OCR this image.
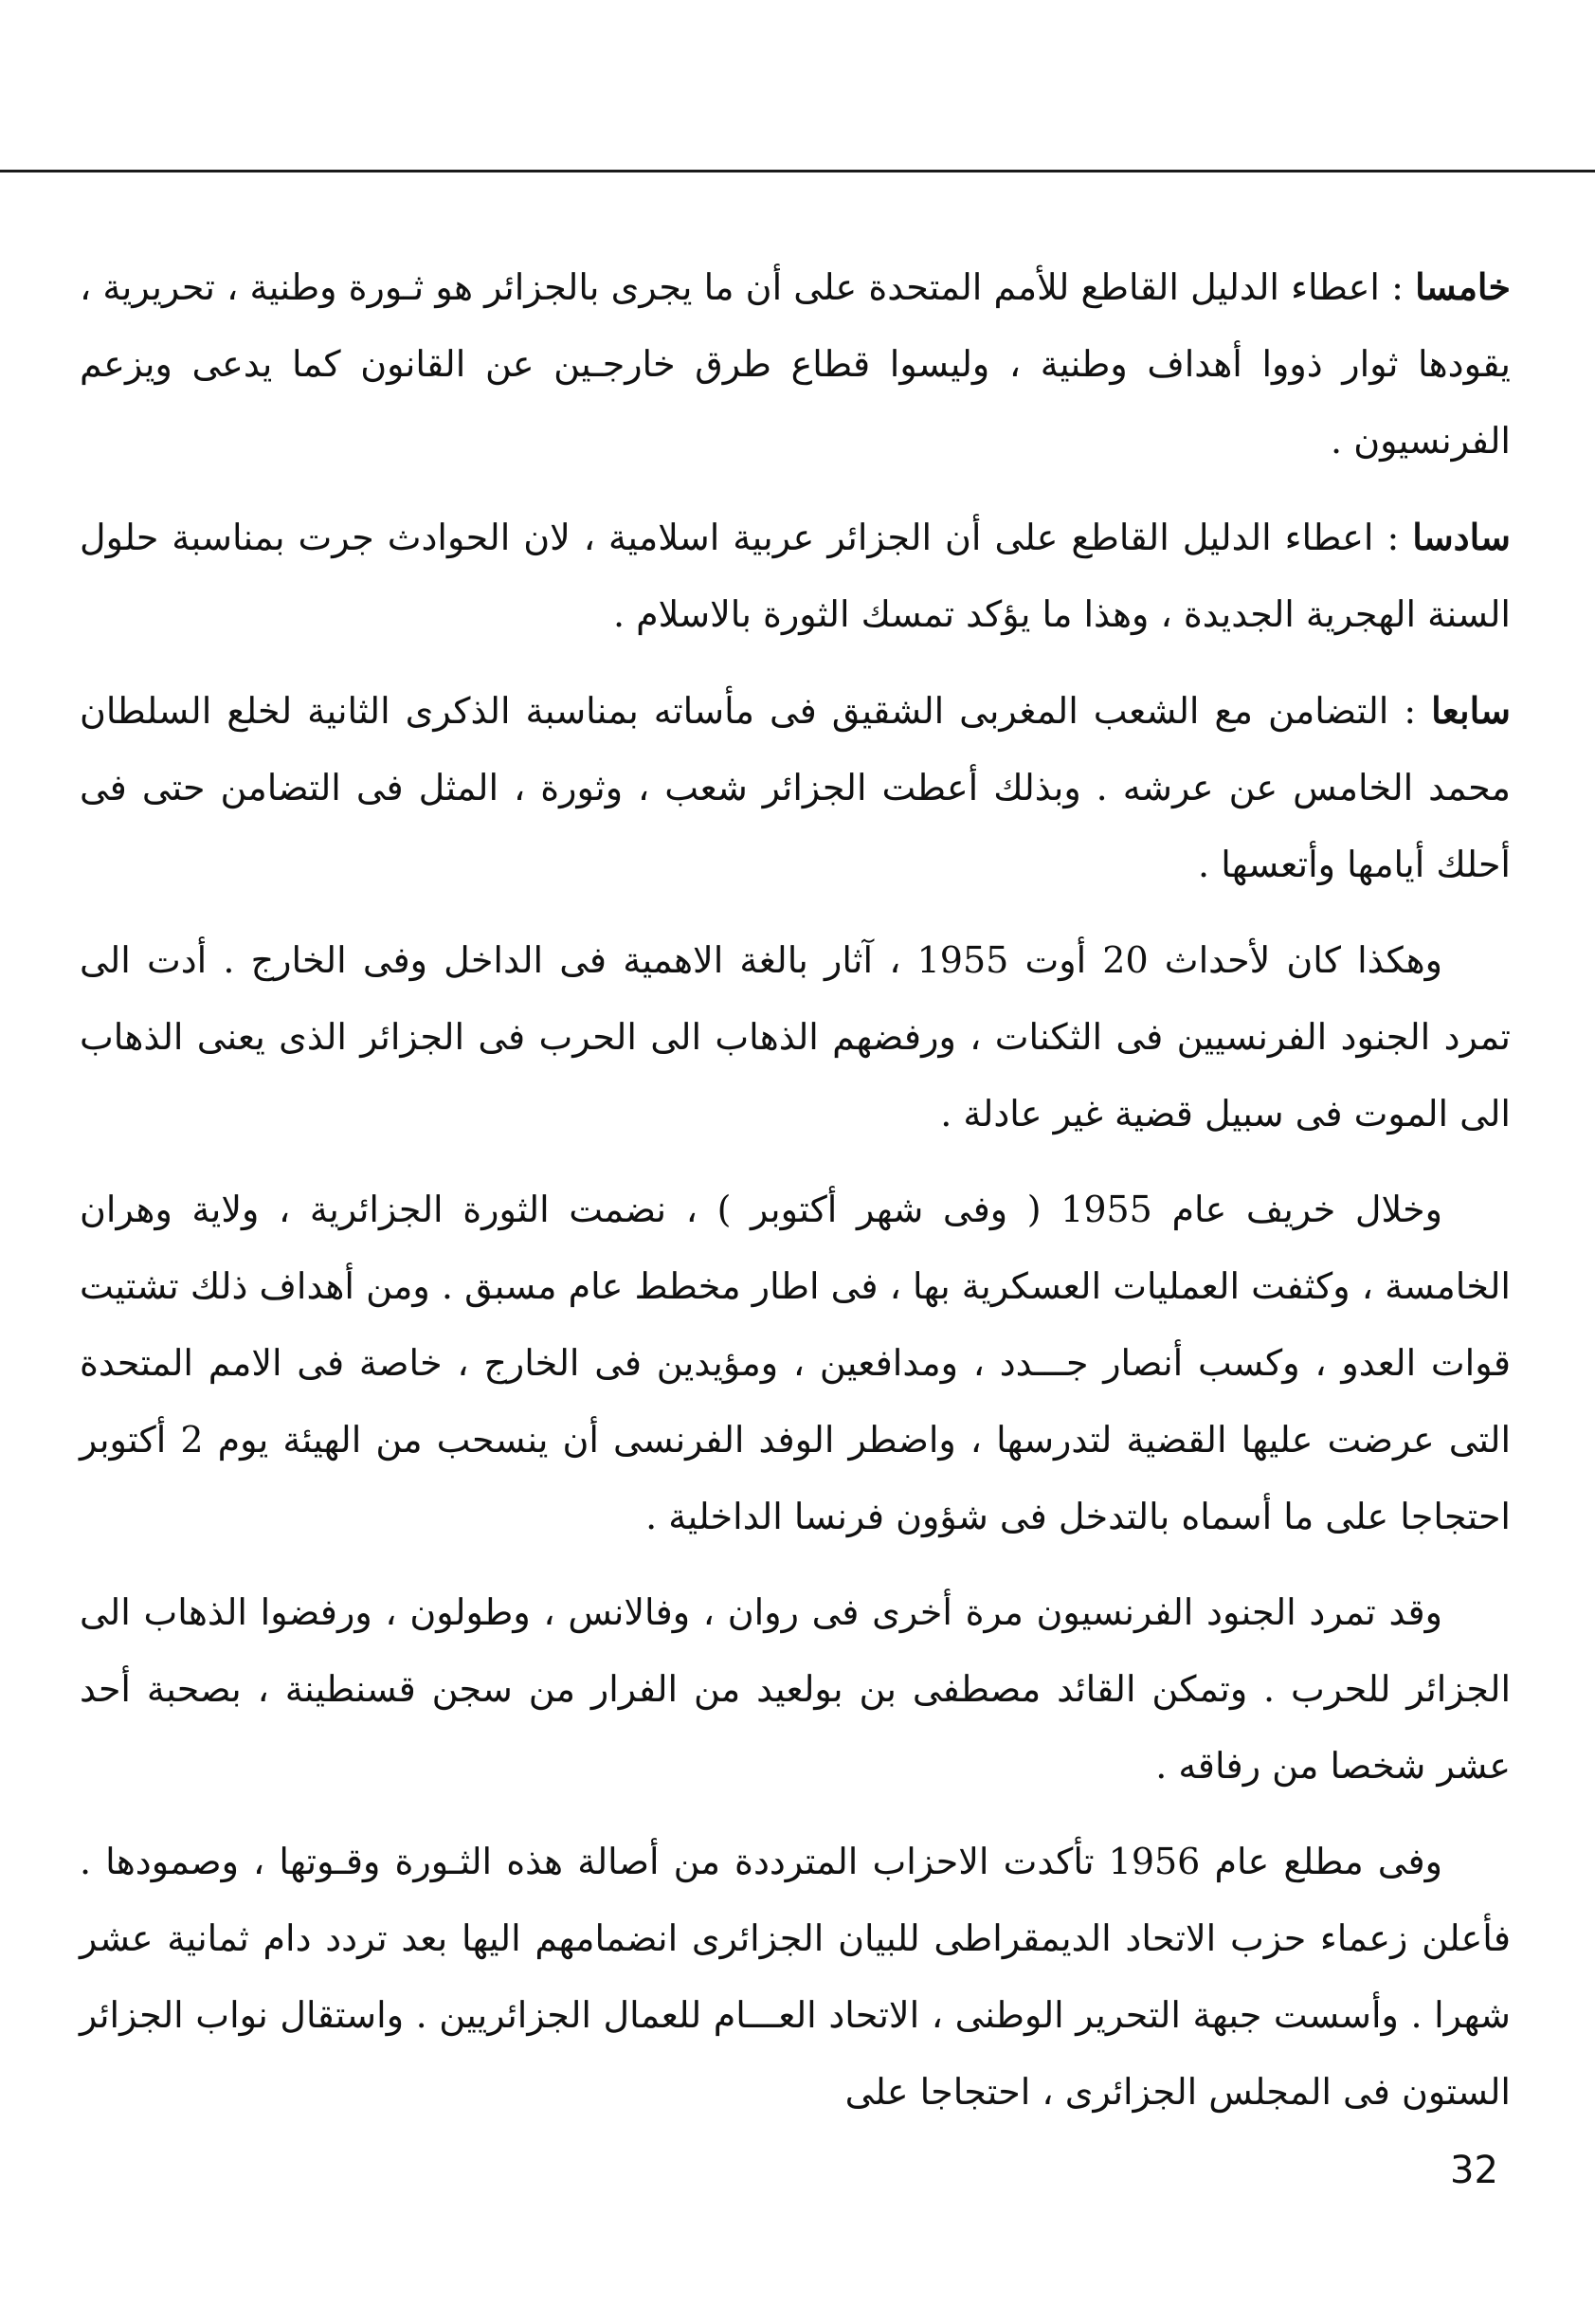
خامسا : اعطاء الدليل القاطع للأمم المتحدة على أن ما يجرى بالجزائر هو ثـورة وطنية ، تحريرية ، يقودها ثوار ذووا أهداف وطنية ، وليسوا قطاع طرق خارجـين عن القانون كما يدعى ويزعم الفرنسيون .

سادسا : اعطاء الدليل القاطع على أن الجزائر عربية اسلامية ، لان الحوادث جرت بمناسبة حلول السنة الهجرية الجديدة ، وهذا ما يؤكد تمسك الثورة بالاسلام .

سابعا : التضامن مع الشعب المغربى الشقيق فى مأساته بمناسبة الذكرى الثانية لخلع السلطان محمد الخامس عن عرشه . وبذلك أعطت الجزائر شعب ، وثورة ، المثل فى التضامن حتى فى أحلك أيامها وأتعسها .

وهكذا كان لأحداث 20 أوت 1955 ، آثار بالغة الاهمية فى الداخل وفى الخارج . أدت الى تمرد الجنود الفرنسيين فى الثكنات ، ورفضهم الذهاب الى الحرب فى الجزائر الذى يعنى الذهاب الى الموت فى سبيل قضية غير عادلة .

وخلال خريف عام 1955 ( وفى شهر أكتوبر ) ، نضمت الثورة الجزائرية ، ولاية وهران الخامسة ، وكثفت العمليات العسكرية بها ، فى اطار مخطط عام مسبق . ومن أهداف ذلك تشتيت قوات العدو ، وكسب أنصار جـــدد ، ومدافعين ، ومؤيدين فى الخارج ، خاصة فى الامم المتحدة التى عرضت عليها القضية لتدرسها ، واضطر الوفد الفرنسى أن ينسحب من الهيئة يوم 2 أكتوبر احتجاجا على ما أسماه بالتدخل فى شؤون فرنسا الداخلية .

وقد تمرد الجنود الفرنسيون مرة أخرى فى روان ، وفالانس ، وطولون ، ورفضوا الذهاب الى الجزائر للحرب . وتمكن القائد مصطفى بن بولعيد من الفرار من سجن قسنطينة ، بصحبة أحد عشر شخصا من رفاقه .

وفى مطلع عام 1956 تأكدت الاحزاب المترددة من أصالة هذه الثـورة وقـوتها ، وصمودها . فأعلن زعماء حزب الاتحاد الديمقراطى للبيان الجزائرى انضمامهم اليها بعد تردد دام ثمانية عشر شهرا . وأسست جبهة التحرير الوطنى ، الاتحاد العـــام للعمال الجزائريين . واستقال نواب الجزائر الستون فى المجلس الجزائرى ، احتجاجا على

32
